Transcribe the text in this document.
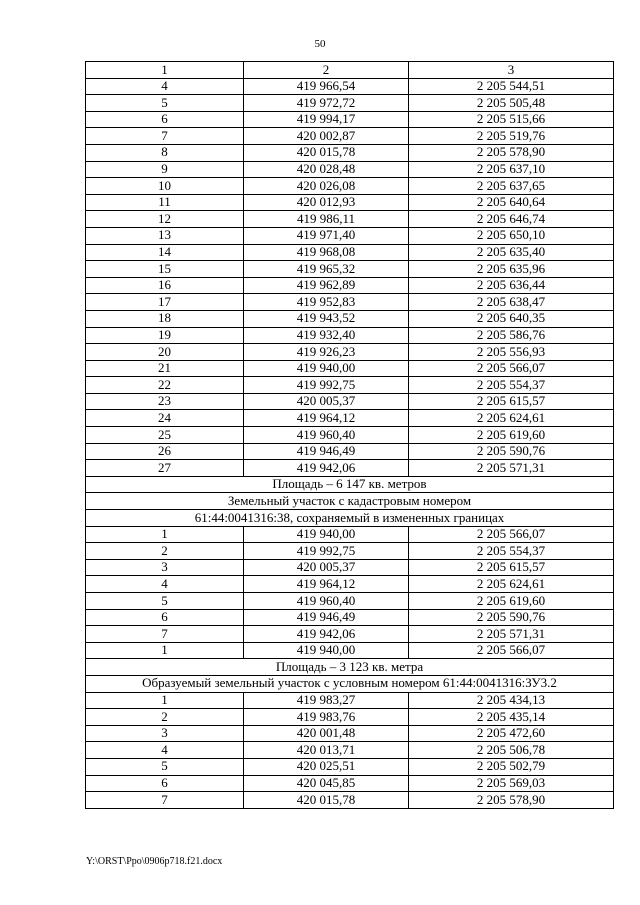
50
1	2	3
4	419 966,54	2 205 544,51
5	419 972,72	2 205 505,48
6	419 994,17	2 205 515,66
7	420 002,87	2 205 519,76
8	420 015,78	2 205 578,90
9	420 028,48	2 205 637,10
10	420 026,08	2 205 637,65
11	420 012,93	2 205 640,64
12	419 986,11	2 205 646,74
13	419 971,40	2 205 650,10
14	419 968,08	2 205 635,40
15	419 965,32	2 205 635,96
16	419 962,89	2 205 636,44
17	419 952,83	2 205 638,47
18	419 943,52	2 205 640,35
19	419 932,40	2 205 586,76
20	419 926,23	2 205 556,93
21	419 940,00	2 205 566,07
22	419 992,75	2 205 554,37
23	420 005,37	2 205 615,57
24	419 964,12	2 205 624,61
25	419 960,40	2 205 619,60
26	419 946,49	2 205 590,76
27	419 942,06	2 205 571,31
Площадь – 6 147 кв. метров		
Земельный участок с кадастровым номером		
61:44:0041316:38, сохраняемый в измененных границах		
1	419 940,00	2 205 566,07
2	419 992,75	2 205 554,37
3	420 005,37	2 205 615,57
4	419 964,12	2 205 624,61
5	419 960,40	2 205 619,60
6	419 946,49	2 205 590,76
7	419 942,06	2 205 571,31
1	419 940,00	2 205 566,07
Площадь – 3 123 кв. метра		
Образуемый земельный участок с условным номером 61:44:0041316:ЗУ3.2		
1	419 983,27	2 205 434,13
2	419 983,76	2 205 435,14
3	420 001,48	2 205 472,60
4	420 013,71	2 205 506,78
5	420 025,51	2 205 502,79
6	420 045,85	2 205 569,03
7	420 015,78	2 205 578,90
Y:\ORST\Ppo\0906p718.f21.docx
